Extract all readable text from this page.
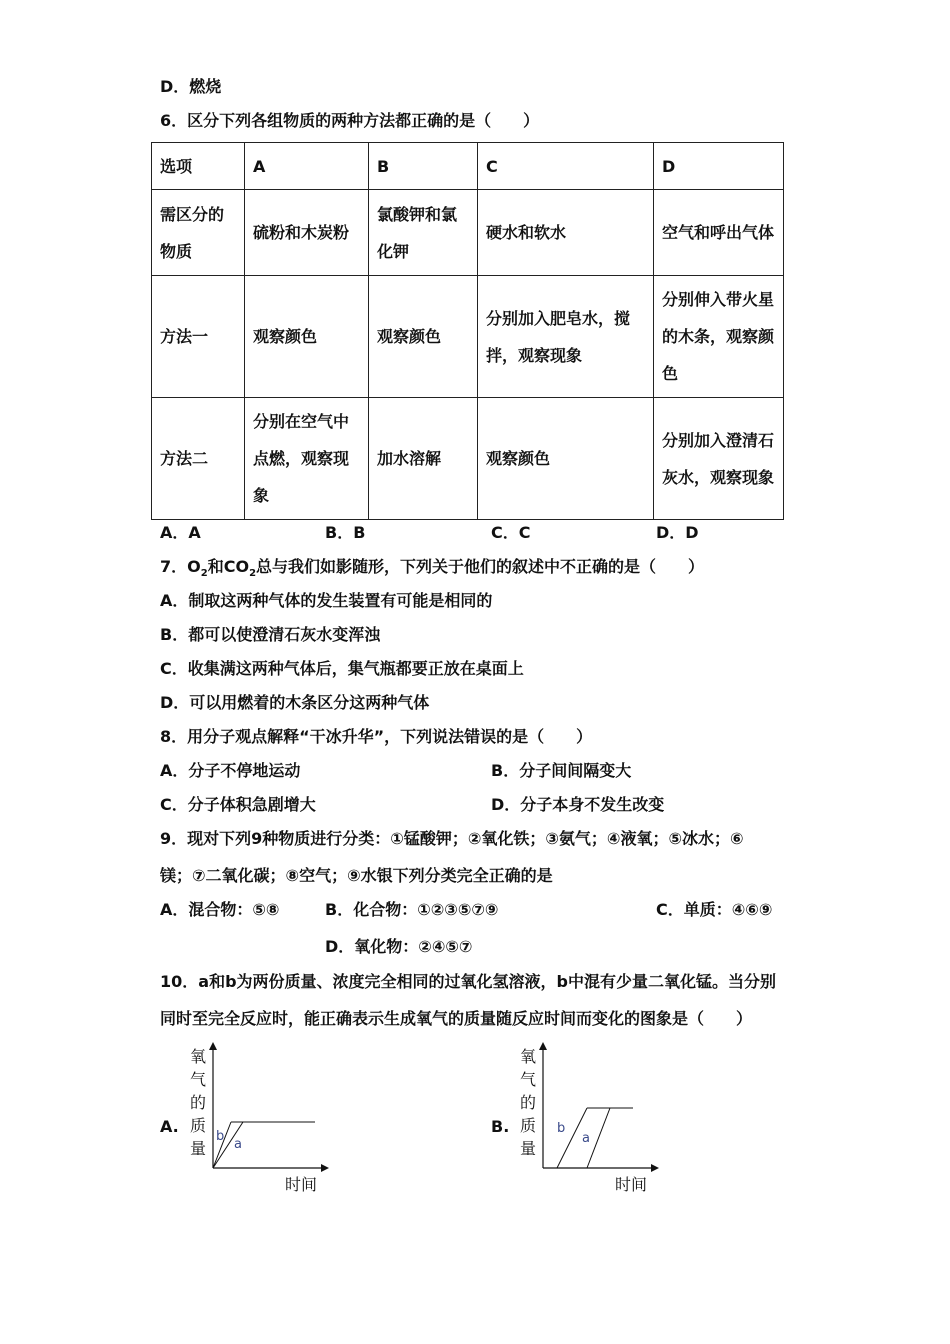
D．燃烧
6．区分下列各组物质的两种方法都正确的是（　　）
选项	A	B	C	D
需区分的物质	硫粉和木炭粉	氯酸钾和氯化钾	硬水和软水	空气和呼出气体
方法一	观察颜色	观察颜色	分别加入肥皂水，搅拌，观察现象	分别伸入带火星的木条，观察颜色
方法二	分别在空气中点燃，观察现象	加水溶解	观察颜色	分别加入澄清石灰水，观察现象
A．A	B．B	C．C	D．D
7．$O_2$和$CO_2$总与我们如影随形，下列关于他们的叙述中不正确的是（　　）
A．制取这两种气体的发生装置有可能是相同的
B．都可以使澄清石灰水变浑浊
C．收集满这两种气体后，集气瓶都要正放在桌面上
D．可以用燃着的木条区分这两种气体
8．用分子观点解释“干冰升华”，下列说法错误的是（　　）
A．分子不停地运动	B．分子间间隔变大
C．分子体积急剧增大	D．分子本身不发生改变
9．现对下列9种物质进行分类：①锰酸钾；②氧化铁；③氨气；④液氧；⑤冰水；⑥
镁；⑦二氧化碳；⑧空气；⑨水银下列分类完全正确的是
A．混合物：⑤⑧	B．化合物：①②③⑤⑦⑨	C．单质：④⑥⑨
D．氧化物：②④⑤⑦
10．a和b为两份质量、浓度完全相同的过氧化氢溶液，b中混有少量二氧化锰。当分别
同时至完全反应时，能正确表示生成氧气的质量随反应时间而变化的图象是（　　）
A.
氧
气
的
质
量
时间
b
a
B.
氧
气
的
质
量
时间
b
a
